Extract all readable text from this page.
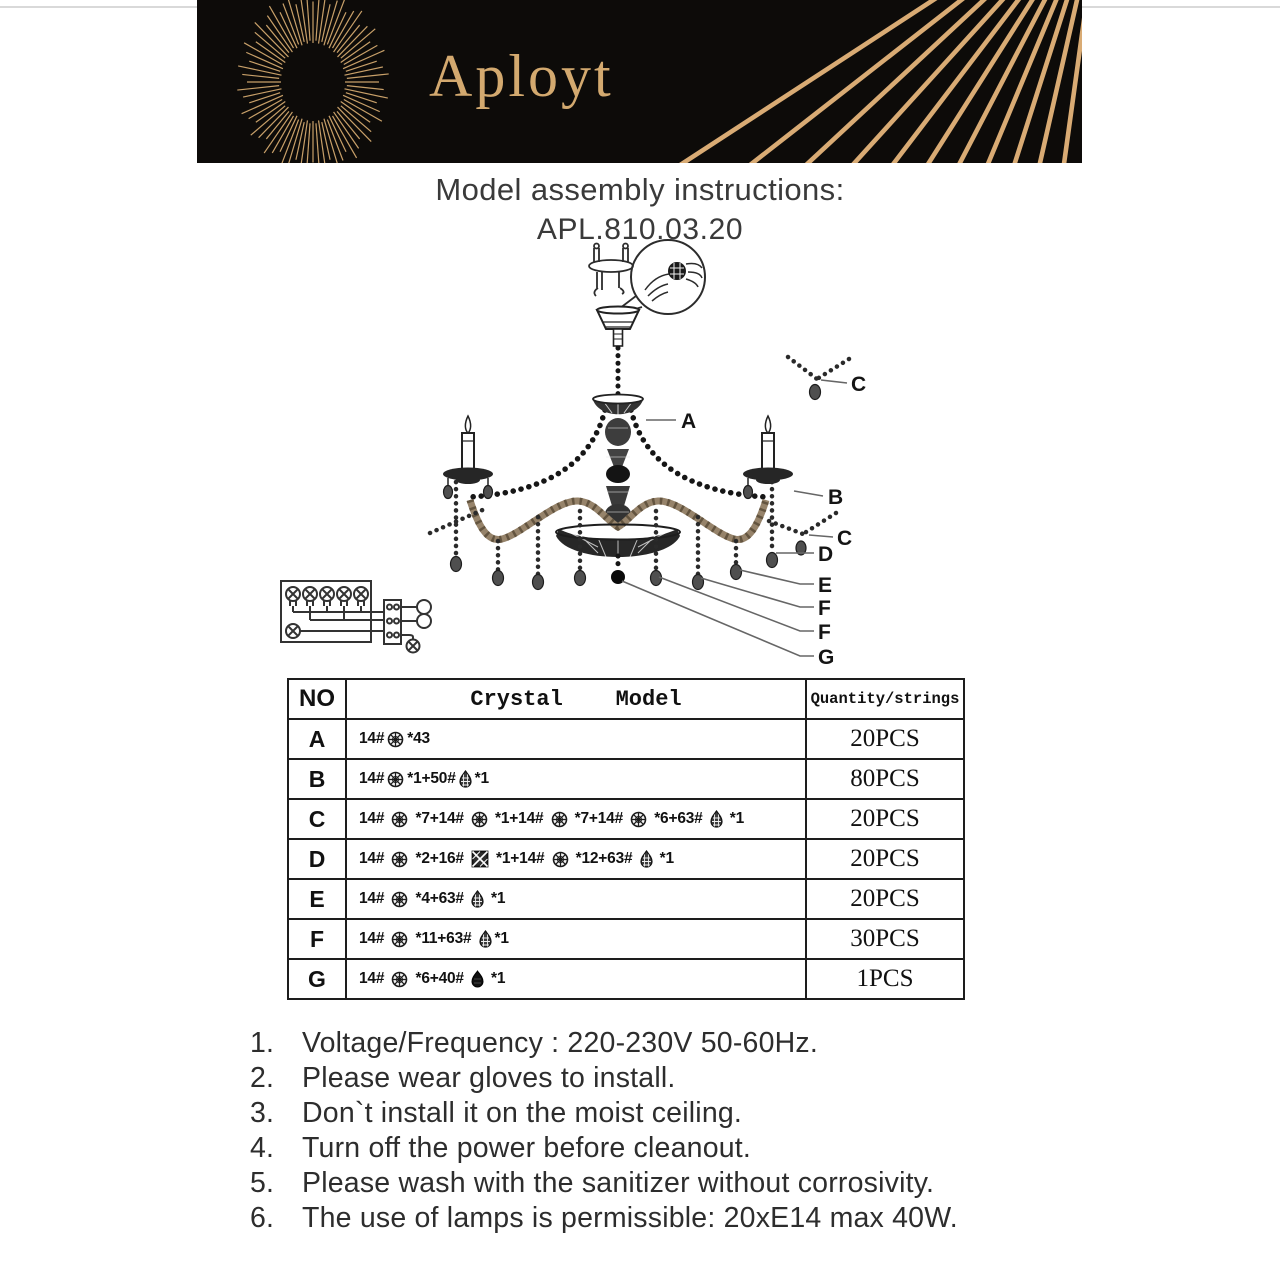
Aployt
Model assembly instructions:
APL.810.03.20
A
B
C
C
D
E
F
F
G
NO	Crystal    Model	Quantity/strings
A	14# *43	20PCS
B	14# *1+50# *1	80PCS
C	14# *7+14# *1+14# *7+14# *6+63# *1	20PCS
D	14# *2+16# *1+14# *12+63# *1	20PCS
E	14# *4+63# *1	20PCS
F	14# *11+63# *1	30PCS
G	14# *6+40# *1	1PCS
1. Voltage/Frequency : 220-230V 50-60Hz.
2. Please wear gloves to install.
3. Don`t install it on the moist ceiling.
4. Turn off the power before cleanout.
5. Please wash with the sanitizer without corrosivity.
6. The use of lamps is permissible: 20xE14 max 40W.
